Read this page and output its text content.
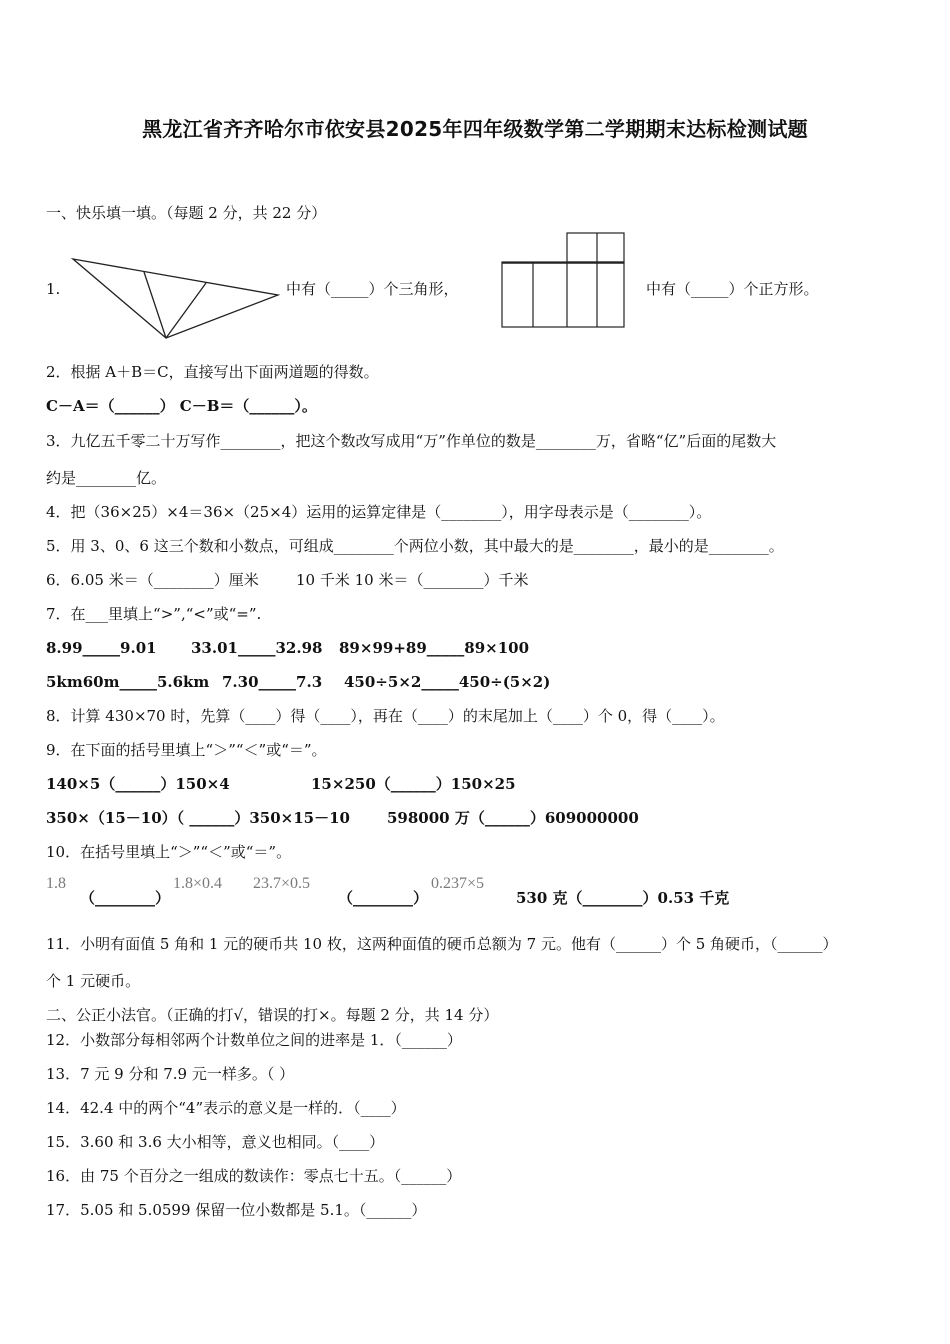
黑龙江省齐齐哈尔市依安县2025年四年级数学第二学期期末达标检测试题
一、快乐填一填。（每题 2 分，共 22 分）
1.	中有（_____）个三角形，	中有（_____）个正方形。
2．根据 A＋B＝C，直接写出下面两道题的得数。
C－A＝（______） C－B＝（______）。
3．九亿五千零二十万写作________，把这个数改写成用“万”作单位的数是________万，省略“亿”后面的尾数大
约是________亿。
4．把（36×25）×4＝36×（25×4）运用的运算定律是（________），用字母表示是（________）。
5．用 3、0、6 这三个数和小数点，可组成________个两位小数，其中最大的是________，最小的是________。
6．6.05 米＝（________）厘米 10 千米 10 米＝（________）千米
7．在___里填上“>”,“<”或“=”.
8.99_____9.01 33.01_____32.98 89×99+89_____89×100
5km60m_____5.6km 7.30_____7.3 450÷5×2_____450÷(5×2)
8．计算 430×70 时，先算（____）得（____），再在（____）的末尾加上（____）个 0，得（____）。
9．在下面的括号里填上“＞”“＜”或“＝”。
140×5（______）150×4	15×250（______）150×25
350×（15－10）（ ______）350×15－10 598000 万（______）609000000
10．在括号里填上“＞”“＜”或“＝”。
1.8
（________）
1.8×0.4 23.7×0.5
（________）
0.237×5
530 克（________）0.53 千克
11．小明有面值 5 角和 1 元的硬币共 10 枚，这两种面值的硬币总额为 7 元。他有（______）个 5 角硬币，（______）
个 1 元硬币。
二、公正小法官。（正确的打√，错误的打×。每题 2 分，共 14 分）
12．小数部分每相邻两个计数单位之间的进率是 1．（______）
13．7 元 9 分和 7.9 元一样多。（ ）
14．42.4 中的两个“4”表示的意义是一样的．（____）
15．3.60 和 3.6 大小相等，意义也相同。（____）
16．由 75 个百分之一组成的数读作：零点七十五。（______）
17．5.05 和 5.0599 保留一位小数都是 5.1。（______）
